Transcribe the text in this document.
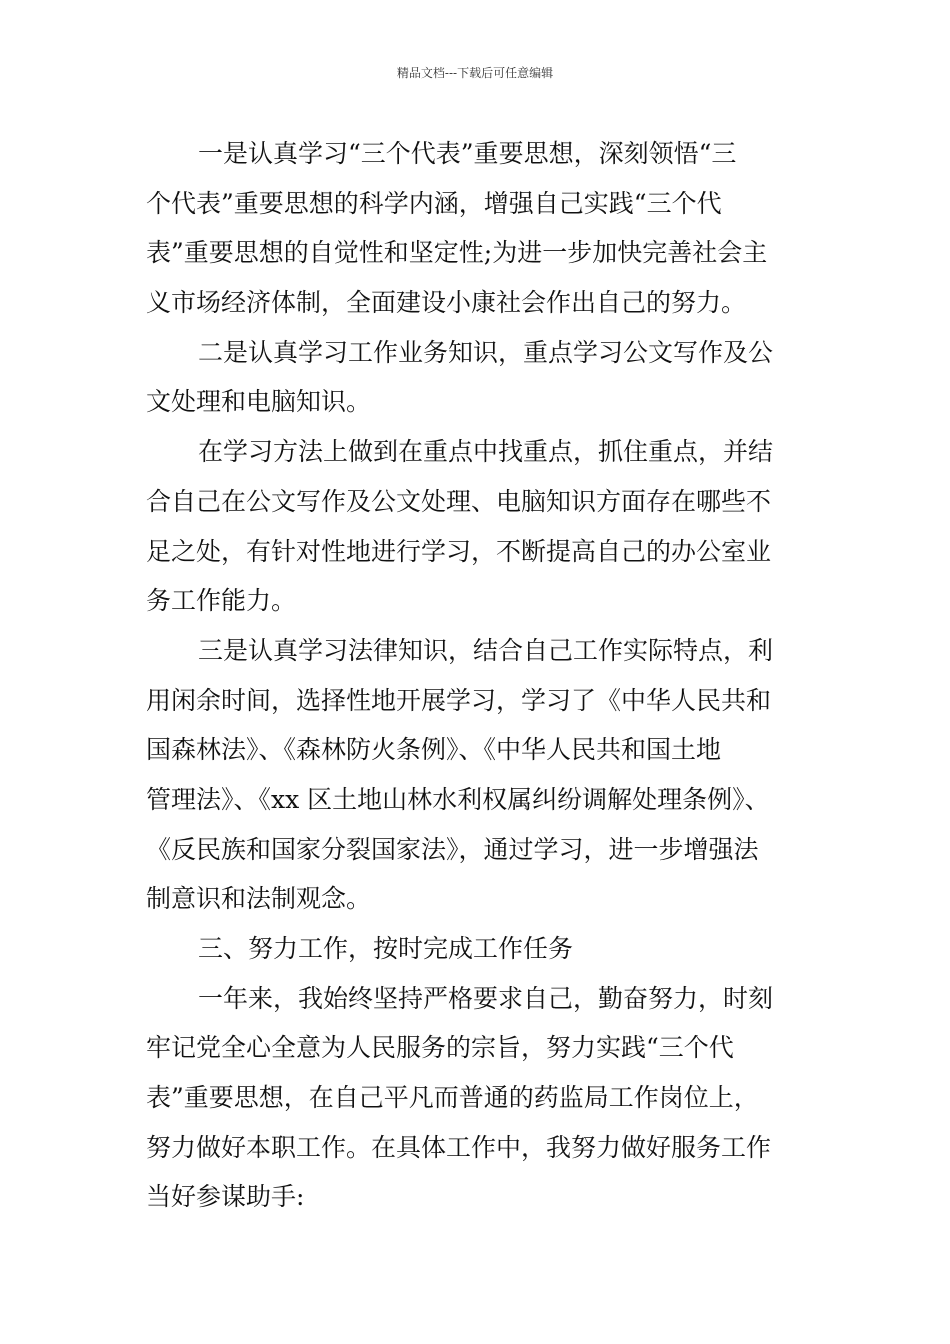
精品文档---下载后可任意编辑
一是认真学习“三个代表”重要思想，深刻领悟“三
个代表”重要思想的科学内涵，增强自己实践“三个代
表”重要思想的自觉性和坚定性;为进一步加快完善社会主
义市场经济体制，全面建设小康社会作出自己的努力。
二是认真学习工作业务知识，重点学习公文写作及公
文处理和电脑知识。
在学习方法上做到在重点中找重点，抓住重点，并结
合自己在公文写作及公文处理、电脑知识方面存在哪些不
足之处，有针对性地进行学习，不断提高自己的办公室业
务工作能力。
三是认真学习法律知识，结合自己工作实际特点，利
用闲余时间，选择性地开展学习，学习了《中华人民共和
国森林法》、《森林防火条例》、《中华人民共和国土地
管理法》、《xx 区土地山林水利权属纠纷调解处理条例》、
《反民族和国家分裂国家法》，通过学习，进一步增强法
制意识和法制观念。
三、努力工作，按时完成工作任务
一年来，我始终坚持严格要求自己，勤奋努力，时刻
牢记党全心全意为人民服务的宗旨，努力实践“三个代
表”重要思想，在自己平凡而普通的药监局工作岗位上，
努力做好本职工作。在具体工作中，我努力做好服务工作
当好参谋助手:
